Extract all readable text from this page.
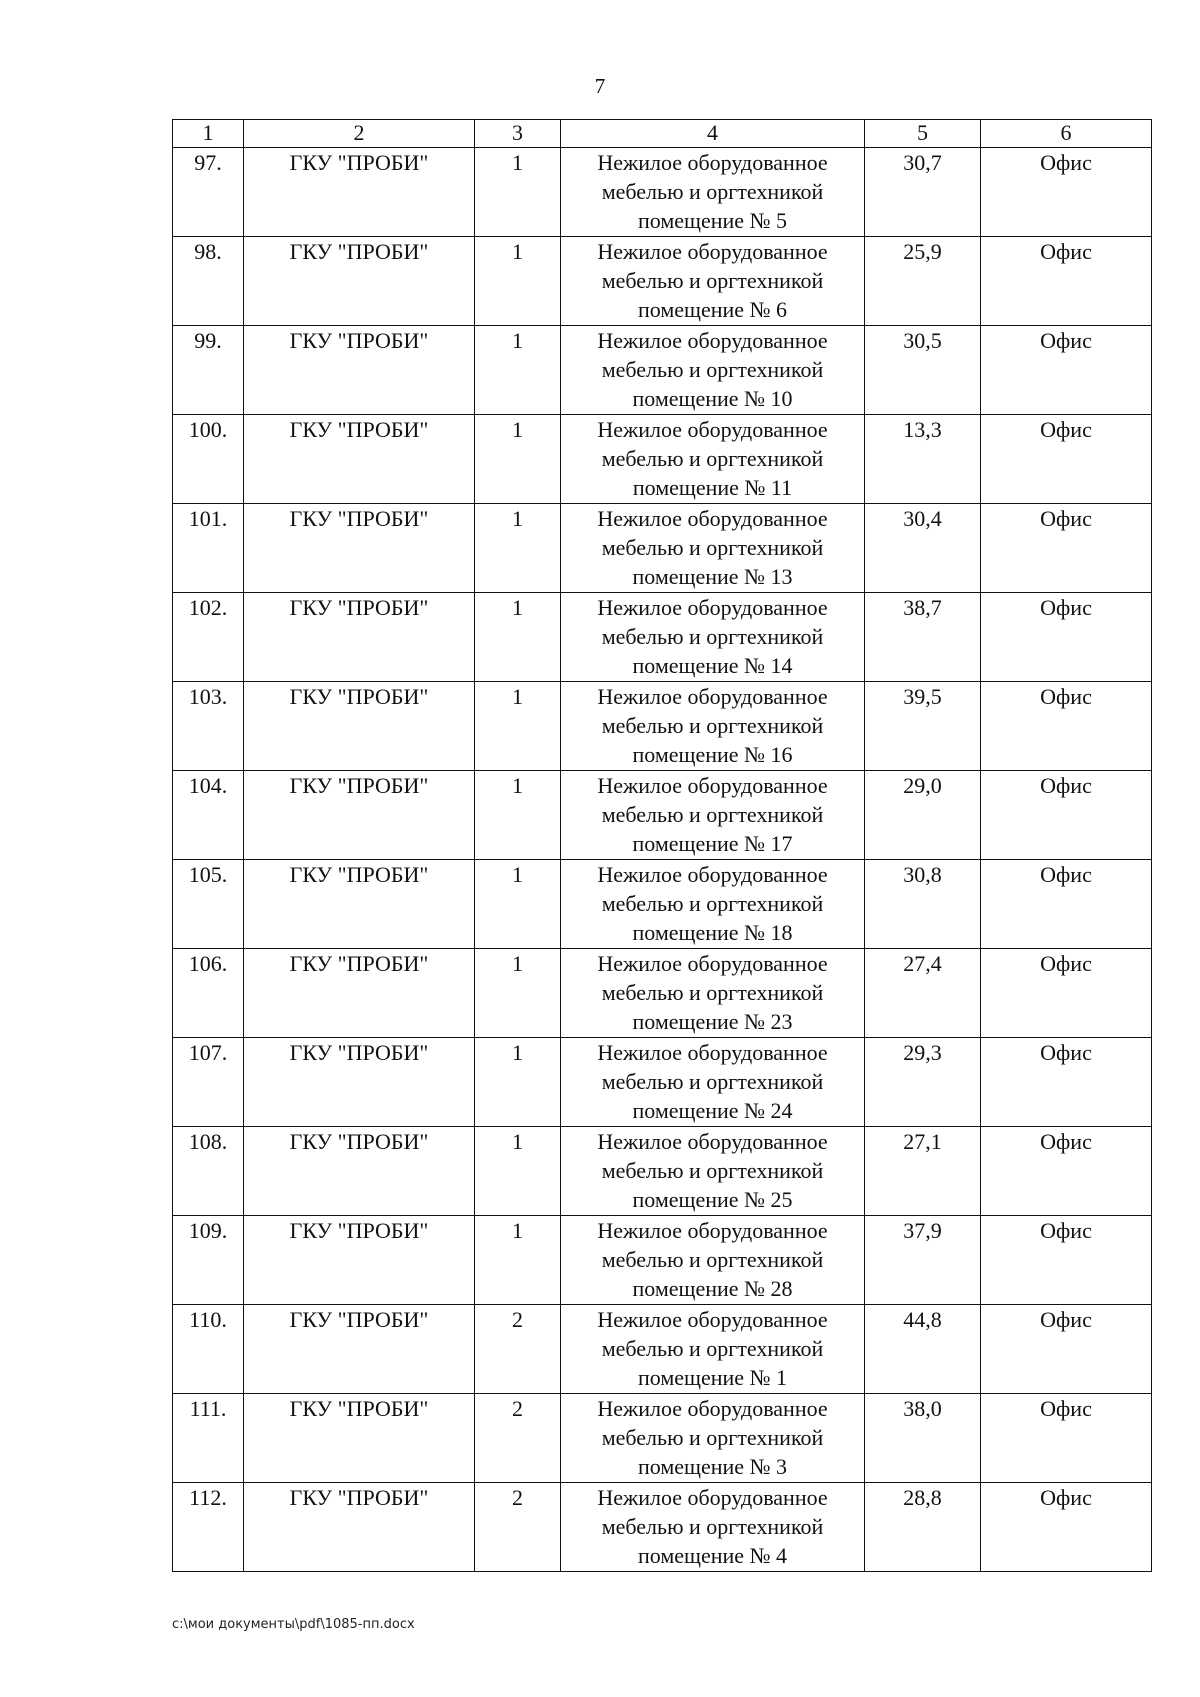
7
1	2	3	4	5	6
97.	ГКУ "ПРОБИ"	1	Нежилое оборудованное
мебелью и оргтехникой
помещение № 5	30,7	Офис
98.	ГКУ "ПРОБИ"	1	Нежилое оборудованное
мебелью и оргтехникой
помещение № 6	25,9	Офис
99.	ГКУ "ПРОБИ"	1	Нежилое оборудованное
мебелью и оргтехникой
помещение № 10	30,5	Офис
100.	ГКУ "ПРОБИ"	1	Нежилое оборудованное
мебелью и оргтехникой
помещение № 11	13,3	Офис
101.	ГКУ "ПРОБИ"	1	Нежилое оборудованное
мебелью и оргтехникой
помещение № 13	30,4	Офис
102.	ГКУ "ПРОБИ"	1	Нежилое оборудованное
мебелью и оргтехникой
помещение № 14	38,7	Офис
103.	ГКУ "ПРОБИ"	1	Нежилое оборудованное
мебелью и оргтехникой
помещение № 16	39,5	Офис
104.	ГКУ "ПРОБИ"	1	Нежилое оборудованное
мебелью и оргтехникой
помещение № 17	29,0	Офис
105.	ГКУ "ПРОБИ"	1	Нежилое оборудованное
мебелью и оргтехникой
помещение № 18	30,8	Офис
106.	ГКУ "ПРОБИ"	1	Нежилое оборудованное
мебелью и оргтехникой
помещение № 23	27,4	Офис
107.	ГКУ "ПРОБИ"	1	Нежилое оборудованное
мебелью и оргтехникой
помещение № 24	29,3	Офис
108.	ГКУ "ПРОБИ"	1	Нежилое оборудованное
мебелью и оргтехникой
помещение № 25	27,1	Офис
109.	ГКУ "ПРОБИ"	1	Нежилое оборудованное
мебелью и оргтехникой
помещение № 28	37,9	Офис
110.	ГКУ "ПРОБИ"	2	Нежилое оборудованное
мебелью и оргтехникой
помещение № 1	44,8	Офис
111.	ГКУ "ПРОБИ"	2	Нежилое оборудованное
мебелью и оргтехникой
помещение № 3	38,0	Офис
112.	ГКУ "ПРОБИ"	2	Нежилое оборудованное
мебелью и оргтехникой
помещение № 4	28,8	Офис
c:\мои документы\pdf\1085-пп.docx
